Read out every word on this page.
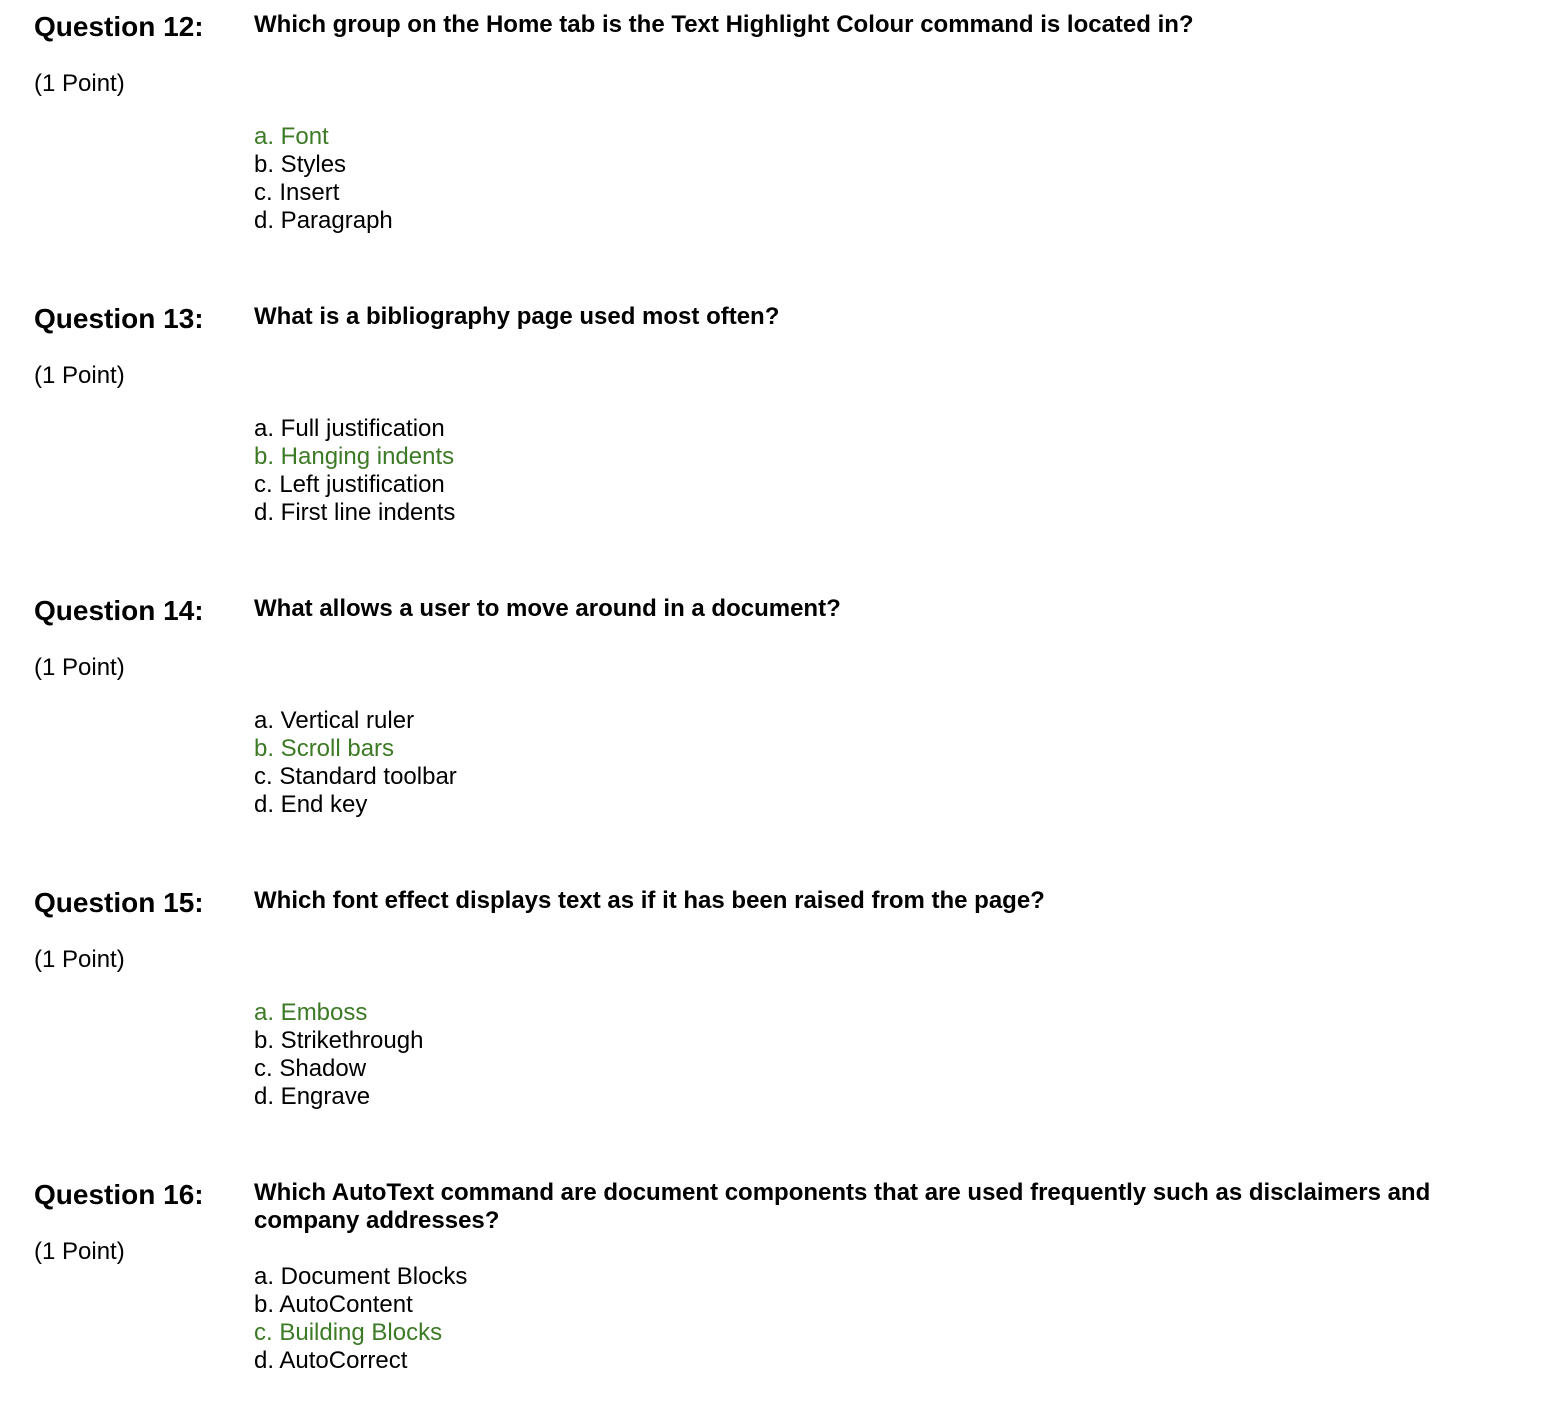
Question 12:
(1 Point)
Which group on the Home tab is the Text Highlight Colour command is located in?
a. Font
b. Styles
c. Insert
d. Paragraph
Question 13:
(1 Point)
What is a bibliography page used most often?
a. Full justification
b. Hanging indents
c. Left justification
d. First line indents
Question 14:
(1 Point)
What allows a user to move around in a document?
a. Vertical ruler
b. Scroll bars
c. Standard toolbar
d. End key
Question 15:
(1 Point)
Which font effect displays text as if it has been raised from the page?
a. Emboss
b. Strikethrough
c. Shadow
d. Engrave
Question 16:
(1 Point)
Which AutoText command are document components that are used frequently such as disclaimers and company addresses?
a. Document Blocks
b. AutoContent
c. Building Blocks
d. AutoCorrect
